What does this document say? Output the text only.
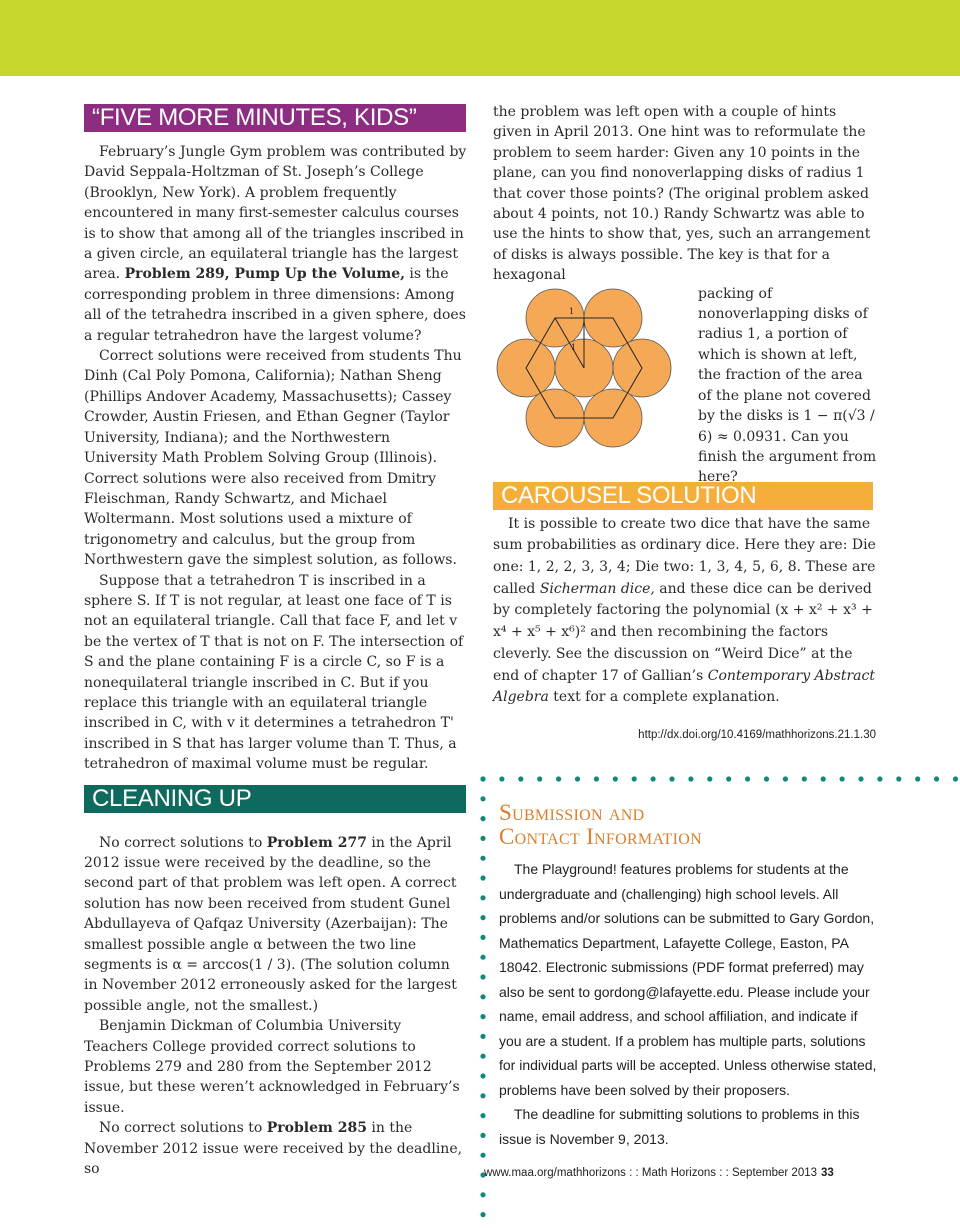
“FIVE MORE MINUTES, KIDS”

February’s Jungle Gym problem was contributed by David Seppala-Holtzman of St. Joseph’s College (Brooklyn, New York). A problem frequently encountered in many first-semester calculus courses is to show that among all of the triangles inscribed in a given circle, an equilateral triangle has the largest area. Problem 289, Pump Up the Volume, is the corresponding problem in three dimensions: Among all of the tetrahedra inscribed in a given sphere, does a regular tetrahedron have the largest volume?

Correct solutions were received from students Thu Dinh (Cal Poly Pomona, California); Nathan Sheng (Phillips Andover Academy, Massachusetts); Cassey Crowder, Austin Friesen, and Ethan Gegner (Taylor University, Indiana); and the Northwestern University Math Problem Solving Group (Illinois). Correct solutions were also received from Dmitry Fleischman, Randy Schwartz, and Michael Woltermann. Most solutions used a mixture of trigonometry and calculus, but the group from Northwestern gave the simplest solution, as follows.

Suppose that a tetrahedron T is inscribed in a sphere S. If T is not regular, at least one face of T is not an equilateral triangle. Call that face F, and let v be the vertex of T that is not on F. The intersection of S and the plane containing F is a circle C, so F is a nonequilateral triangle inscribed in C. But if you replace this triangle with an equilateral triangle inscribed in C, with v it determines a tetrahedron T' inscribed in S that has larger volume than T. Thus, a tetrahedron of maximal volume must be regular.

CLEANING UP

No correct solutions to Problem 277 in the April 2012 issue were received by the deadline, so the second part of that problem was left open. A correct solution has now been received from student Gunel Abdullayeva of Qafqaz University (Azerbaijan): The smallest possible angle α between the two line segments is α = arccos(1 / 3). (The solution column in November 2012 erroneously asked for the largest possible angle, not the smallest.)

Benjamin Dickman of Columbia University Teachers College provided correct solutions to Problems 279 and 280 from the September 2012 issue, but these weren’t acknowledged in February’s issue.

No correct solutions to Problem 285 in the November 2012 issue were received by the deadline, so

the problem was left open with a couple of hints given in April 2013. One hint was to reformulate the problem to seem harder: Given any 10 points in the plane, can you find nonoverlapping disks of radius 1 that cover those points? (The original problem asked about 4 points, not 10.) Randy Schwartz was able to use the hints to show that, yes, such an arrangement of disks is always possible. The key is that for a hexagonal

1
1
packing of nonoverlapping disks of radius 1, a portion of which is shown at left, the fraction of the area of the plane not covered by the disks is 1 − π(√3 / 6) ≈ 0.0931. Can you finish the argument from here?
CAROUSEL SOLUTION

It is possible to create two dice that have the same sum probabilities as ordinary dice. Here they are: Die one: 1, 2, 2, 3, 3, 4; Die two: 1, 3, 4, 5, 6, 8. These are called Sicherman dice, and these dice can be derived by completely factoring the polynomial (x + x² + x³ + x⁴ + x⁵ + x⁶)² and then recombining the factors cleverly. See the discussion on “Weird Dice” at the end of chapter 17 of Gallian’s Contemporary Abstract Algebra text for a complete explanation.

http://dx.doi.org/10.4169/mathhorizons.21.1.30
Submission and
Contact Information

The Playground! features problems for students at the undergraduate and (challenging) high school levels. All problems and/or solutions can be submitted to Gary Gordon, Mathematics Department, Lafayette College, Easton, PA 18042. Electronic submissions (PDF format preferred) may also be sent to gordong@lafayette.edu. Please include your name, email address, and school affiliation, and indicate if you are a student. If a problem has multiple parts, solutions for individual parts will be accepted. Unless otherwise stated, problems have been solved by their proposers.

The deadline for submitting solutions to problems in this issue is November 9, 2013.

www.maa.org/mathhorizons : : Math Horizons : : September 2013 33
